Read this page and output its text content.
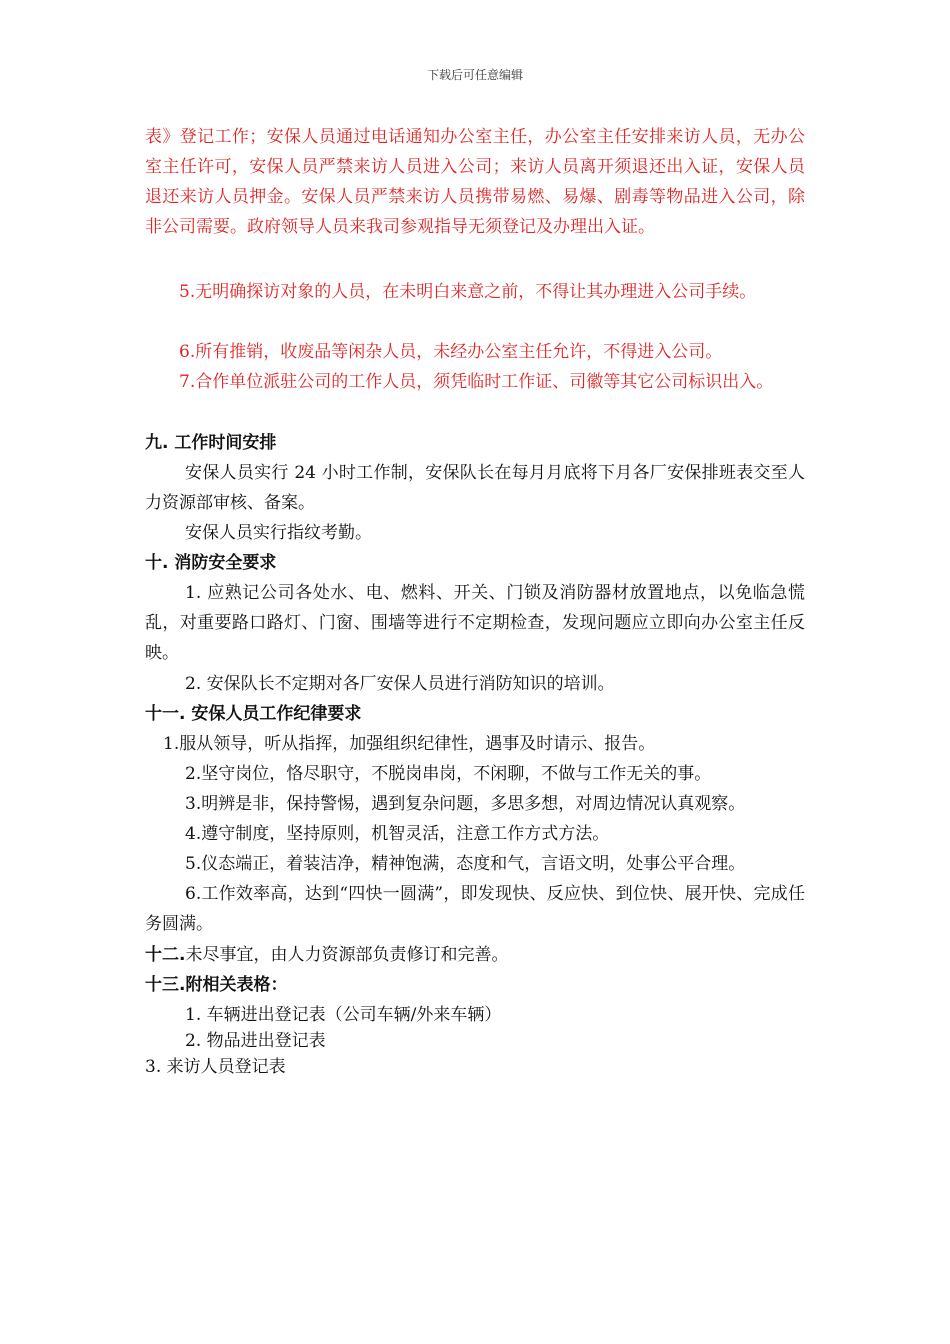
下载后可任意编辑

表》登记工作；安保人员通过电话通知办公室主任，办公室主任安排来访人员，无办公室主任许可，安保人员严禁来访人员进入公司；来访人员离开须退还出入证，安保人员退还来访人员押金。安保人员严禁来访人员携带易燃、易爆、剧毒等物品进入公司，除非公司需要。政府领导人员来我司参观指导无须登记及办理出入证。

5.无明确探访对象的人员，在未明白来意之前，不得让其办理进入公司手续。

6.所有推销，收废品等闲杂人员，未经办公室主任允许，不得进入公司。

7.合作单位派驻公司的工作人员，须凭临时工作证、司徽等其它公司标识出入。

九. 工作时间安排

安保人员实行 24 小时工作制，安保队长在每月月底将下月各厂安保排班表交至人力资源部审核、备案。

安保人员实行指纹考勤。

十. 消防安全要求

1. 应熟记公司各处水、电、燃料、开关、门锁及消防器材放置地点，以免临急慌乱，对重要路口路灯、门窗、围墙等进行不定期检查，发现问题应立即向办公室主任反映。

2. 安保队长不定期对各厂安保人员进行消防知识的培训。

十一. 安保人员工作纪律要求

1.服从领导，听从指挥，加强组织纪律性，遇事及时请示、报告。

2.坚守岗位，恪尽职守，不脱岗串岗，不闲聊，不做与工作无关的事。

3.明辨是非，保持警惕，遇到复杂问题，多思多想，对周边情况认真观察。

4.遵守制度，坚持原则，机智灵活，注意工作方式方法。

5.仪态端正，着装洁净，精神饱满，态度和气，言语文明，处事公平合理。

6.工作效率高，达到“四快一圆满”，即发现快、反应快、到位快、展开快、完成任务圆满。

十二.未尽事宜，由人力资源部负责修订和完善。

十三.附相关表格：

1. 车辆进出登记表（公司车辆/外来车辆）

2. 物品进出登记表

3. 来访人员登记表
